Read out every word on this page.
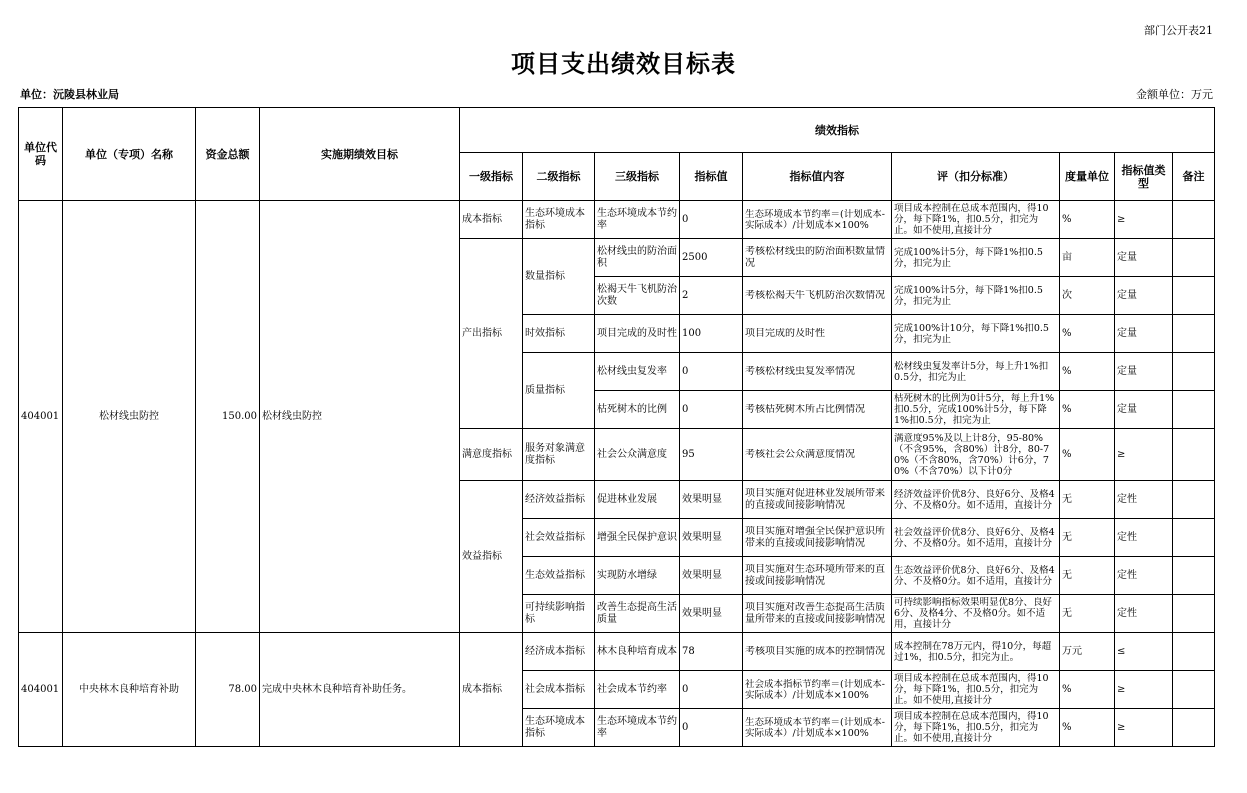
部门公开表21
项目支出绩效目标表
单位：沅陵县林业局	金额单位：万元
单位代码	单位（专项）名称	资金总额	实施期绩效目标	绩效指标								
				一级指标	二级指标	三级指标	指标值	指标值内容	评（扣分标准）	度量单位	指标值类型	备注
404001	松材线虫防控	150.00	松材线虫防控	成本指标	生态环境成本指标	生态环境成本节约率	0	生态环境成本节约率＝(计划成本-实际成本）/计划成本×100%	项目成本控制在总成本范围内，得10分，每下降1%，扣0.5分，扣完为止。如不使用,直接计分	%	≥	
				产出指标	数量指标	松材线虫的防治面积	2500	考核松材线虫的防治面积数量情况	完成100%计5分，每下降1%扣0.5分，扣完为止	亩	定量	
						松褐天牛飞机防治次数	2	考核松褐天牛飞机防治次数情况	完成100%计5分，每下降1%扣0.5分，扣完为止	次	定量	
					时效指标	项目完成的及时性	100	项目完成的及时性	完成100%计10分，每下降1%扣0.5分，扣完为止	%	定量	
					质量指标	松材线虫复发率	0	考核松材线虫复发率情况	松材线虫复发率计5分，每上升1%扣0.5分，扣完为止	%	定量	
						枯死树木的比例	0	考核枯死树木所占比例情况	枯死树木的比例为0计5分，每上升1%扣0.5分，完成100%计5分，每下降1%扣0.5分，扣完为止	%	定量	
				满意度指标	服务对象满意度指标	社会公众满意度	95	考核社会公众满意度情况	满意度95%及以上计8分，95-80%（不含95%，含80%）计8分，80-70%（不含80%，含70%）计6分，70%（不含70%）以下计0分	%	≥	
				效益指标	经济效益指标	促进林业发展	效果明显	项目实施对促进林业发展所带来的直接或间接影响情况	经济效益评价优8分、良好6分、及格4分、不及格0分。如不适用，直接计分	无	定性	
					社会效益指标	增强全民保护意识	效果明显	项目实施对增强全民保护意识所带来的直接或间接影响情况	社会效益评价优8分、良好6分、及格4分、不及格0分。如不适用，直接计分	无	定性	
					生态效益指标	实现防水增绿	效果明显	项目实施对生态环境所带来的直接或间接影响情况	生态效益评价优8分、良好6分、及格4分、不及格0分。如不适用，直接计分	无	定性	
					可持续影响指标	改善生态提高生活质量	效果明显	项目实施对改善生态提高生活质量所带来的直接或间接影响情况	可持续影响指标效果明显优8分、良好6分、及格4分、不及格0分。如不适用，直接计分	无	定性	
404001	中央林木良种培育补助	78.00	完成中央林木良种培育补助任务。	成本指标	经济成本指标	林木良种培育成本	78	考核项目实施的成本的控制情况	成本控制在78万元内，得10分，每超过1%，扣0.5分，扣完为止。	万元	≤	
					社会成本指标	社会成本节约率	0	社会成本指标节约率＝(计划成本-实际成本）/计划成本×100%	项目成本控制在总成本范围内，得10分，每下降1%，扣0.5分，扣完为止。如不使用,直接计分	%	≥	
					生态环境成本指标	生态环境成本节约率	0	生态环境成本节约率＝(计划成本-实际成本）/计划成本×100%	项目成本控制在总成本范围内，得10分，每下降1%，扣0.5分，扣完为止。如不使用,直接计分	%	≥	
